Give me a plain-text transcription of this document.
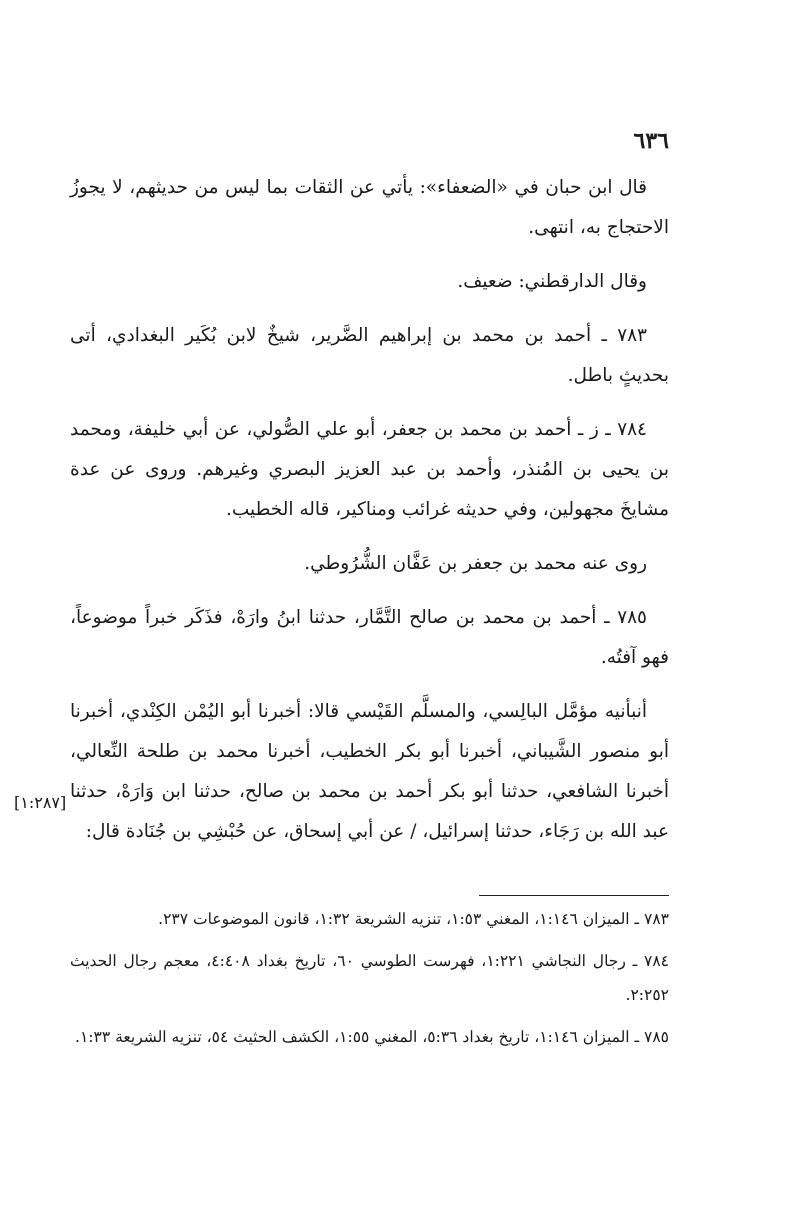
٦٣٦

قال ابن حبان في «الضعفاء»: يأتي عن الثقات بما ليس من حديثهم، لا يجوزُ الاحتجاج به، انتهى.

وقال الدارقطني: ضعيف.

٧٨٣ ـ أحمد بن محمد بن إبراهيم الضَّرير، شيخٌ لابن بُكَير البغدادي، أتى بحديثٍ باطل.

٧٨٤ ـ ز ـ أحمد بن محمد بن جعفر، أبو علي الصُّولي، عن أبي خليفة، ومحمد بن يحيى بن المُنذر، وأحمد بن عبد العزيز البصري وغيرهم. وروى عن عدة مشايخَ مجهولين، وفي حديثه غرائب ومناكير، قاله الخطيب.

روى عنه محمد بن جعفر بن عَفَّان الشُّرُوطي.

٧٨٥ ـ أحمد بن محمد بن صالح التَّمَّار، حدثنا ابنُ وارَهْ، فذَكَر خبراً موضوعاً، فهو آفتُه.

أنبأنيه مؤمَّل البالِسي، والمسلَّم القَيْسي قالا: أخبرنا أبو اليُمْن الكِنْدي، أخبرنا أبو منصور الشَّيباني، أخبرنا أبو بكر الخطيب، أخبرنا محمد بن طلحة النِّعالي، أخبرنا الشافعي، حدثنا أبو بكر أحمد بن محمد بن صالح، حدثنا ابن وَارَهْ، حدثنا عبد الله بن رَجَاء، حدثنا إسرائيل، / عن أبي إسحاق، عن حُبْشِي بن جُنَادة قال:

[١:٢٨٧]

٧٨٣ ـ الميزان ١:١٤٦، المغني ١:٥٣، تنزيه الشريعة ١:٣٢، قانون الموضوعات ٢٣٧.

٧٨٤ ـ رجال النجاشي ١:٢٢١، فهرست الطوسي ٦٠، تاريخ بغداد ٤:٤٠٨، معجم رجال الحديث ٢:٢٥٢.

٧٨٥ ـ الميزان ١:١٤٦، تاريخ بغداد ٥:٣٦، المغني ١:٥٥، الكشف الحثيث ٥٤، تنزيه الشريعة ١:٣٣.
